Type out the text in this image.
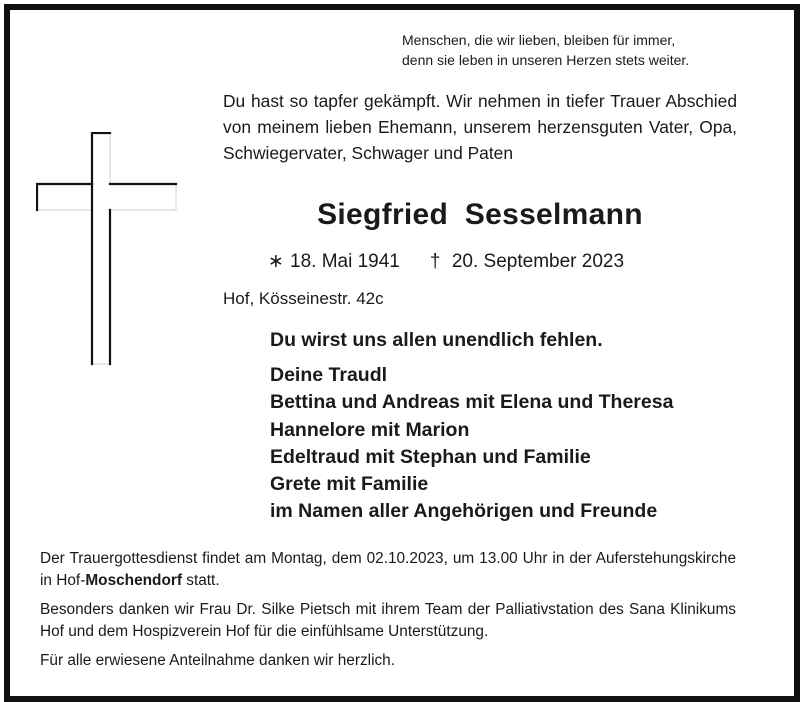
Menschen, die wir lieben, bleiben für immer,
denn sie leben in unseren Herzen stets weiter.
Du hast so tapfer gekämpft. Wir nehmen in tiefer Trauer Abschied von meinem lieben Ehemann, unserem herzensguten Vater, Opa, Schwiegervater, Schwager und Paten
Siegfried Sesselmann
∗ 18. Mai 1941 † 20. September 2023
Hof, Kösseinestr. 42c
Du wirst uns allen unendlich fehlen.
Deine Traudl
Bettina und Andreas mit Elena und Theresa
Hannelore mit Marion
Edeltraud mit Stephan und Familie
Grete mit Familie
im Namen aller Angehörigen und Freunde

Der Trauergottesdienst findet am Montag, dem 02.10.2023, um 13.00 Uhr in der Auferstehungskirche in Hof-Moschendorf statt.

Besonders danken wir Frau Dr. Silke Pietsch mit ihrem Team der Palliativstation des Sana Klinikums Hof und dem Hospizverein Hof für die einfühlsame Unterstützung.

Für alle erwiesene Anteilnahme danken wir herzlich.
